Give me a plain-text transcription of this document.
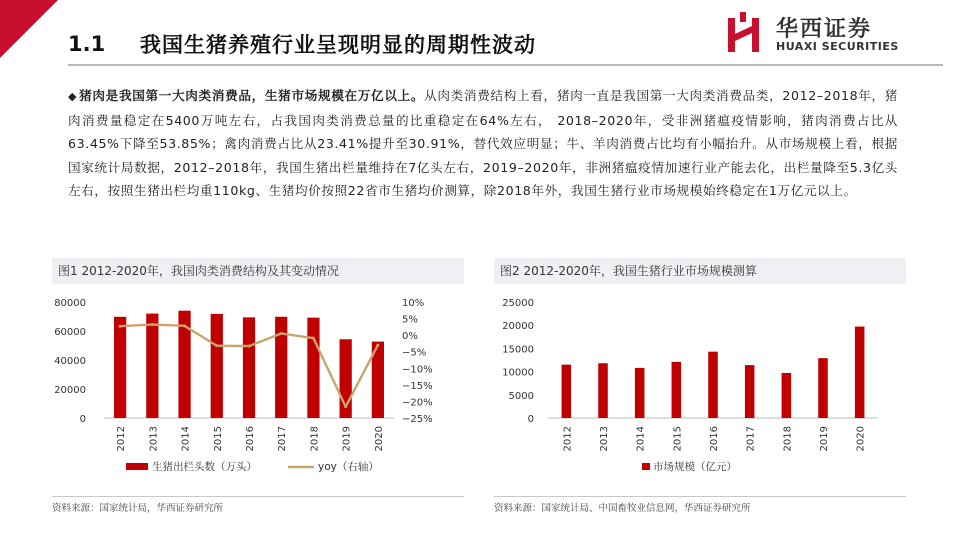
1.1	我国生猪养殖行业呈现明显的周期性波动
华西证券
HUAXI SECURITIES
◆ 猪肉是我国第一大肉类消费品，生猪市场规模在万亿以上。从肉类消费结构上看，猪肉一直是我国第一大肉类消费品类，2012–2018年，猪肉消费量稳定在5400万吨左右，占我国肉类消费总量的比重稳定在64%左右， 2018–2020年，受非洲猪瘟疫情影响，猪肉消费占比从63.45%下降至53.85%；禽肉消费占比从23.41%提升至30.91%，替代效应明显；牛、羊肉消费占比均有小幅抬升。从市场规模上看，根据国家统计局数据，2012–2018年，我国生猪出栏量维持在7亿头左右，2019–2020年，非洲猪瘟疫情加速行业产能去化，出栏量降至5.3亿头左右，按照生猪出栏均重110kg、生猪均价按照22省市生猪均价测算，除2018年外，我国生猪行业市场规模始终稳定在1万亿元以上。
图1 2012-2020年，我国肉类消费结构及其变动情况
0
20000
40000
60000
80000
−25%
−20%
−15%
−10%
−5%
0%
5%
10%
2012 2013 2014 2015 2016 2017 2018 2019 2020
生猪出栏头数（万头）	yoy（右轴）
资料来源：国家统计局，华西证券研究所
图2 2012-2020年，我国生猪行业市场规模测算
0
5000
10000
15000
20000
25000
2012	2013	2014	2015	2016	2017	2018	2019	2020
市场规模（亿元）
资料来源：国家统计局、中国畜牧业信息网，华西证券研究所
